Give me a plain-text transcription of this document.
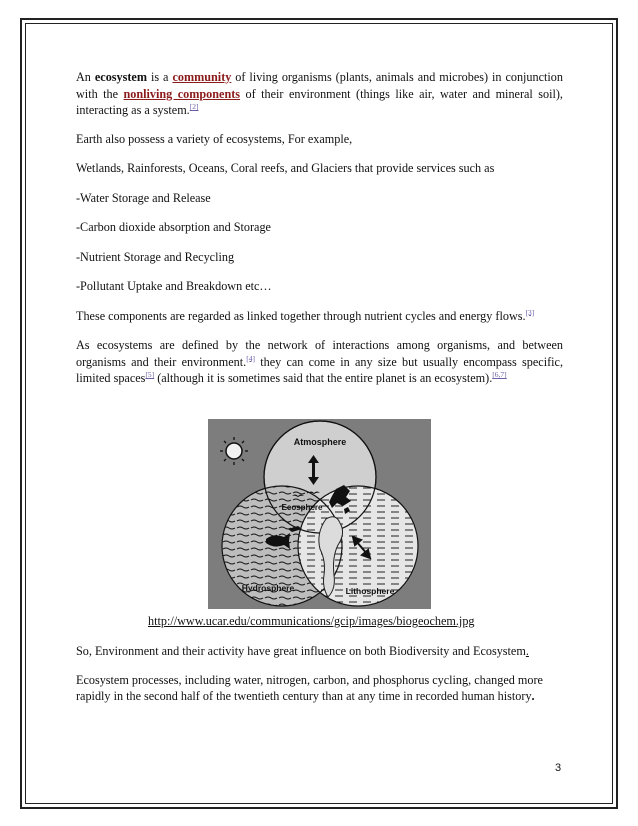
An ecosystem is a community of living organisms (plants, animals and microbes) in conjunction with the nonliving components of their environment (things like air, water and mineral soil), interacting as a system.[2]

Earth also possess a variety of ecosystems, For example,

Wetlands, Rainforests, Oceans, Coral reefs, and Glaciers that provide services such as

-Water Storage and Release

-Carbon dioxide absorption and Storage

-Nutrient Storage and Recycling

-Pollutant Uptake and Breakdown etc…

These components are regarded as linked together through nutrient cycles and energy flows.[3]

As ecosystems are defined by the network of interactions among organisms, and between organisms and their environment.[4] they can come in any size but usually encompass specific, limited spaces[5] (although it is sometimes said that the entire planet is an ecosystem).[6,7]

Atmosphere
Ecosphere
Hydrosphere	Lithosphere
http://www.ucar.edu/communications/gcip/images/biogeochem.jpg

So, Environment and their activity have great influence on both Biodiversity and Ecosystem.

Ecosystem processes, including water, nitrogen, carbon, and phosphorus cycling, changed more rapidly in the second half of the twentieth century than at any time in recorded human history.

3
